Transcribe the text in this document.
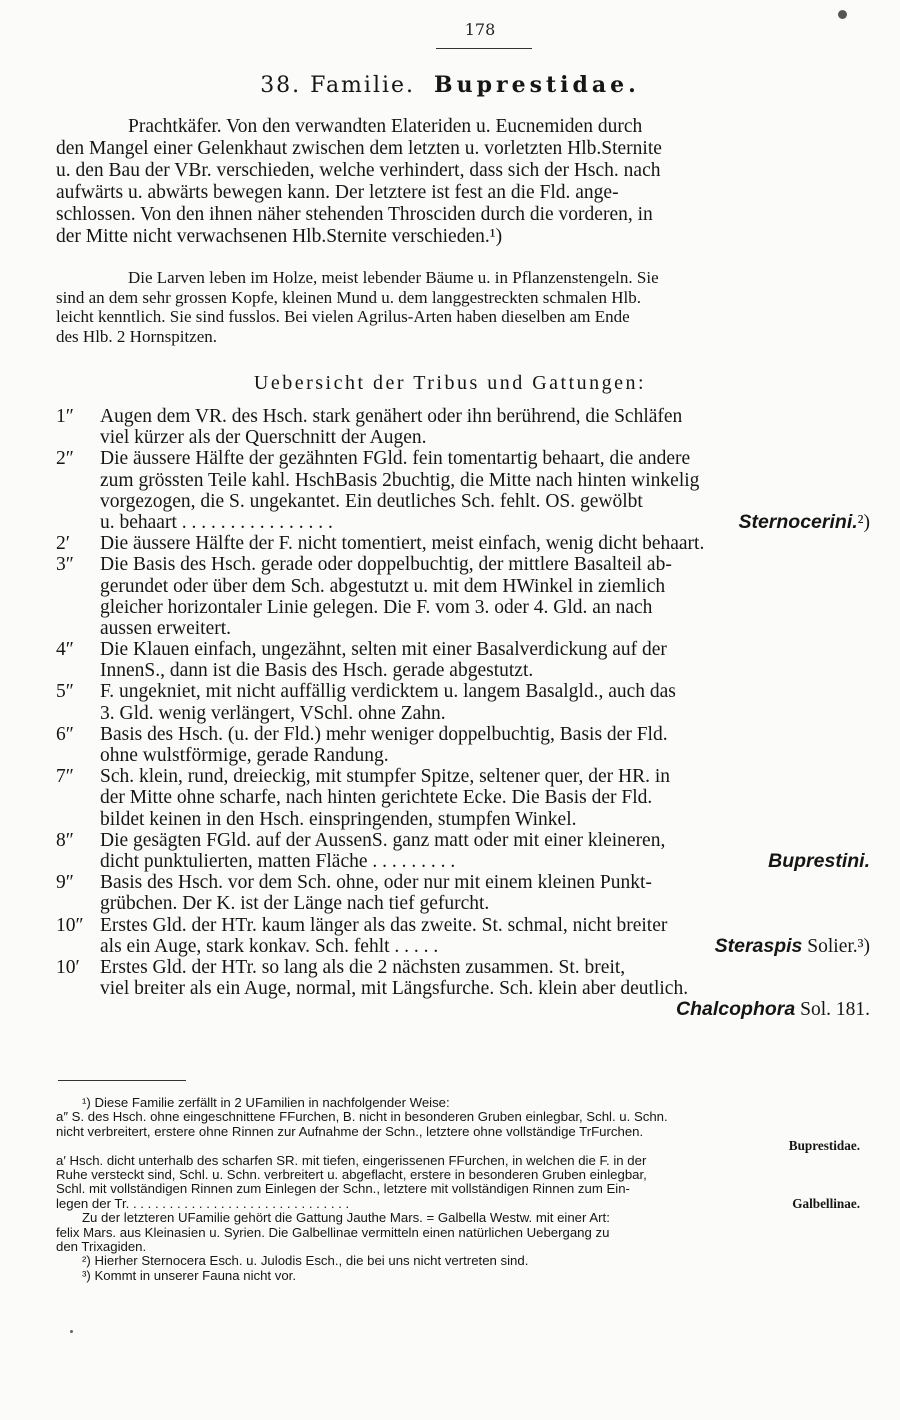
178
38. Familie. Buprestidae.
Prachtkäfer. Von den verwandten Elateriden u. Eucnemiden durch
den Mangel einer Gelenkhaut zwischen dem letzten u. vorletzten Hlb.Sternite
u. den Bau der VBr. verschieden, welche verhindert, dass sich der Hsch. nach
aufwärts u. abwärts bewegen kann. Der letztere ist fest an die Fld. ange-
schlossen. Von den ihnen näher stehenden Throsciden durch die vorderen, in
der Mitte nicht verwachsenen Hlb.Sternite verschieden.¹)
Die Larven leben im Holze, meist lebender Bäume u. in Pflanzenstengeln. Sie
sind an dem sehr grossen Kopfe, kleinen Mund u. dem langgestreckten schmalen Hlb.
leicht kenntlich. Sie sind fusslos. Bei vielen Agrilus-Arten haben dieselben am Ende
des Hlb. 2 Hornspitzen.
Uebersicht der Tribus und Gattungen:
1″ Augen dem VR. des Hsch. stark genähert oder ihn berührend, die Schläfen
viel kürzer als der Querschnitt der Augen.
2″ Die äussere Hälfte der gezähnten FGld. fein tomentartig behaart, die andere
zum grössten Teile kahl. HschBasis 2buchtig, die Mitte nach hinten winkelig
vorgezogen, die S. ungekantet. Ein deutliches Sch. fehlt. OS. gewölbt
u. behaart . . . . . . . . . . . . . . . .	Sternocerini.²)
2′ Die äussere Hälfte der F. nicht tomentiert, meist einfach, wenig dicht behaart.
3″ Die Basis des Hsch. gerade oder doppelbuchtig, der mittlere Basalteil ab-
gerundet oder über dem Sch. abgestutzt u. mit dem HWinkel in ziemlich
gleicher horizontaler Linie gelegen. Die F. vom 3. oder 4. Gld. an nach
aussen erweitert.
4″ Die Klauen einfach, ungezähnt, selten mit einer Basalverdickung auf der
InnenS., dann ist die Basis des Hsch. gerade abgestutzt.
5″ F. ungekniet, mit nicht auffällig verdicktem u. langem Basalgld., auch das
3. Gld. wenig verlängert, VSchl. ohne Zahn.
6″ Basis des Hsch. (u. der Fld.) mehr weniger doppelbuchtig, Basis der Fld.
ohne wulstförmige, gerade Randung.
7″ Sch. klein, rund, dreieckig, mit stumpfer Spitze, seltener quer, der HR. in
der Mitte ohne scharfe, nach hinten gerichtete Ecke. Die Basis der Fld.
bildet keinen in den Hsch. einspringenden, stumpfen Winkel.
8″ Die gesägten FGld. auf der AussenS. ganz matt oder mit einer kleineren,
dicht punktulierten, matten Fläche . . . . . . . . .	Buprestini.
9″ Basis des Hsch. vor dem Sch. ohne, oder nur mit einem kleinen Punkt-
grübchen. Der K. ist der Länge nach tief gefurcht.
10″ Erstes Gld. der HTr. kaum länger als das zweite. St. schmal, nicht breiter
als ein Auge, stark konkav. Sch. fehlt . . . . .	Steraspis Solier.³)
10′ Erstes Gld. der HTr. so lang als die 2 nächsten zusammen. St. breit,
viel breiter als ein Auge, normal, mit Längsfurche. Sch. klein aber deutlich.
Chalcophora Sol. 181.
¹) Diese Familie zerfällt in 2 UFamilien in nachfolgender Weise:
a″ S. des Hsch. ohne eingeschnittene FFurchen, B. nicht in besonderen Gruben einlegbar, Schl. u. Schn.
nicht verbreitert, erstere ohne Rinnen zur Aufnahme der Schn., letztere ohne vollständige TrFurchen.
Buprestidae.
a′ Hsch. dicht unterhalb des scharfen SR. mit tiefen, eingerissenen FFurchen, in welchen die F. in der
Ruhe versteckt sind, Schl. u. Schn. verbreitert u. abgeflacht, erstere in besonderen Gruben einlegbar,
Schl. mit vollständigen Rinnen zum Einlegen der Schn., letztere mit vollständigen Rinnen zum Ein-
legen der Tr. . . . . . . . . . . . . . . . . . . . . . . . . . . . . . .	Galbellinae.
Zu der letzteren UFamilie gehört die Gattung Jauthe Mars. = Galbella Westw. mit einer Art:
felix Mars. aus Kleinasien u. Syrien. Die Galbellinae vermitteln einen natürlichen Uebergang zu
den Trixagiden.
²) Hierher Sternocera Esch. u. Julodis Esch., die bei uns nicht vertreten sind.
³) Kommt in unserer Fauna nicht vor.
